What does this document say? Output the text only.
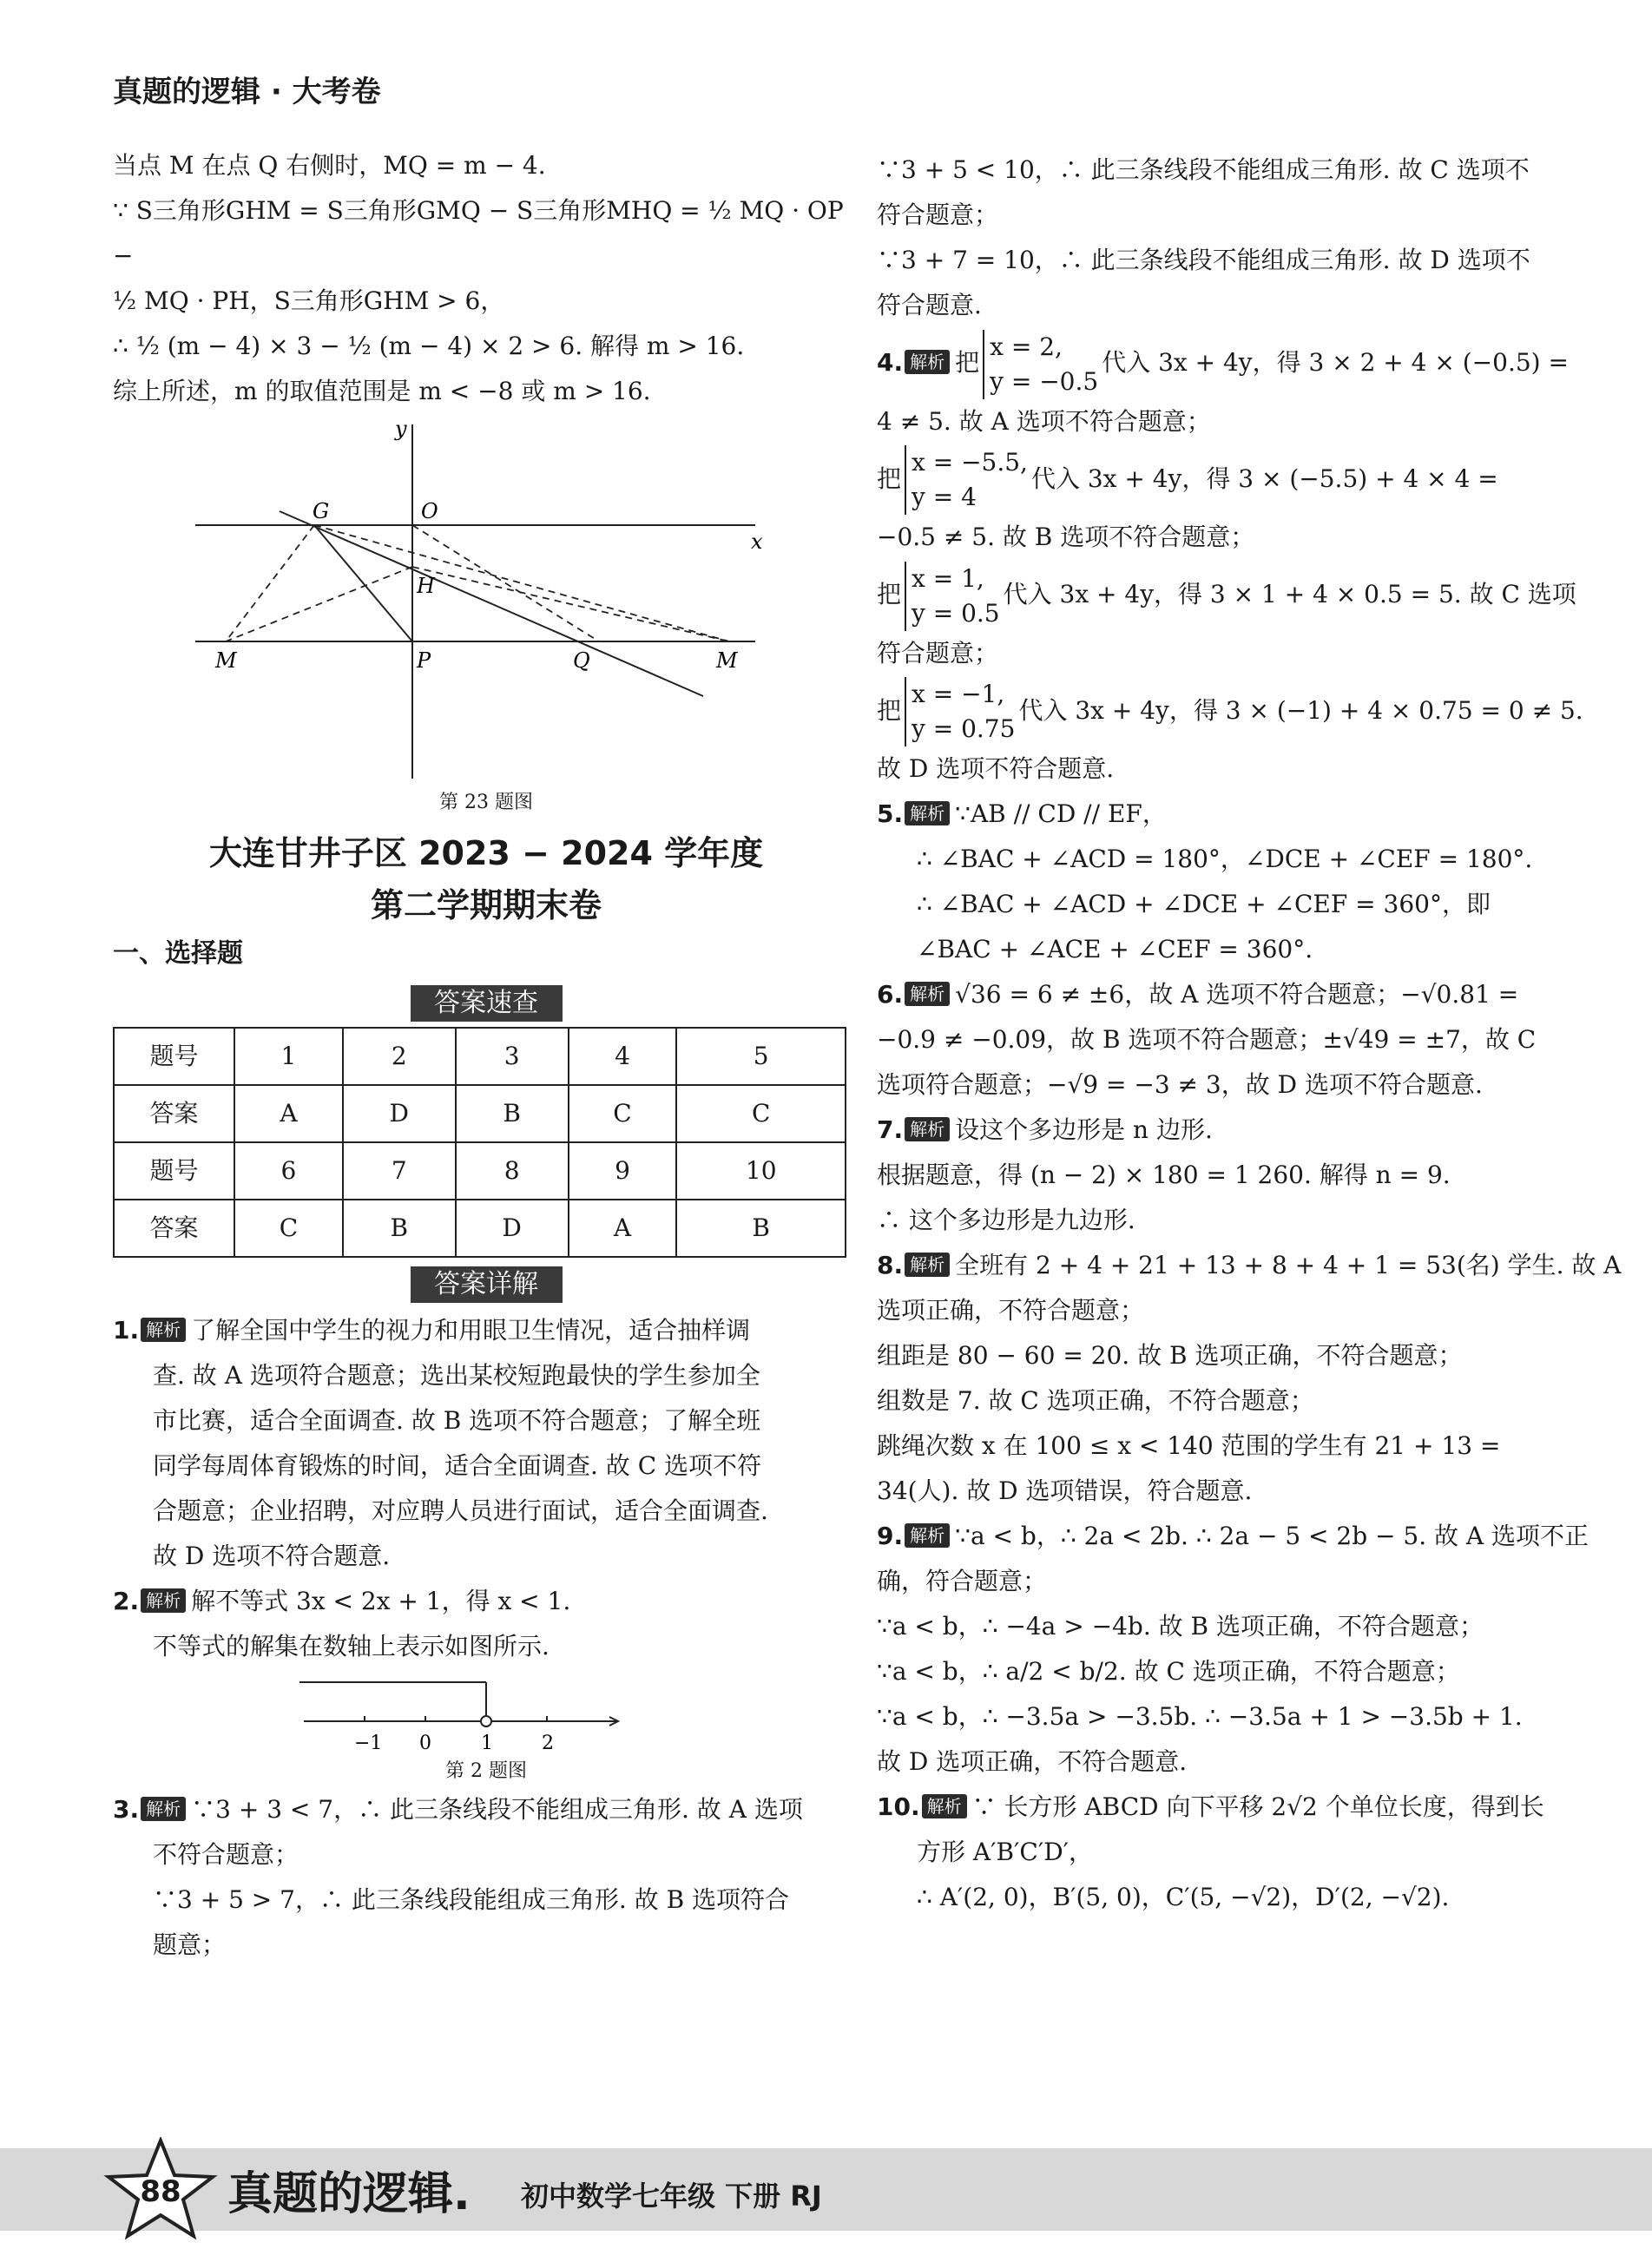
真题的逻辑 · 大考卷

当点 M 在点 Q 右侧时，MQ = m − 4.

∵ S三角形GHM = S三角形GMQ − S三角形MHQ = ½ MQ · OP −

½ MQ · PH，S三角形GHM > 6，

∴ ½ (m − 4) × 3 − ½ (m − 4) × 2 > 6. 解得 m > 16.

综上所述，m 的取值范围是 m < −8 或 m > 16.

y
x
O
G
H
M	P	Q	M

第 23 题图

大连甘井子区 2023 − 2024 学年度

第二学期期末卷

一、选择题

答案速查
题号	1	2	3	4	5
答案	A	D	B	C	C
题号	6	7	8	9	10
答案	C	B	D	A	B
答案详解

1. 解析 了解全国中学生的视力和用眼卫生情况，适合抽样调

查. 故 A 选项符合题意；选出某校短跑最快的学生参加全

市比赛，适合全面调查. 故 B 选项不符合题意；了解全班

同学每周体育锻炼的时间，适合全面调查. 故 C 选项不符

合题意；企业招聘，对应聘人员进行面试，适合全面调查.

故 D 选项不符合题意.

2. 解析 解不等式 3x < 2x + 1，得 x < 1.

不等式的解集在数轴上表示如图所示.

−1 0	1	2

第 2 题图

3. 解析 ∵3 + 3 < 7，∴ 此三条线段不能组成三角形. 故 A 选项

不符合题意；

∵3 + 5 > 7，∴ 此三条线段能组成三角形. 故 B 选项符合

题意；

∵3 + 5 < 10，∴ 此三条线段不能组成三角形. 故 C 选项不

符合题意；

∵3 + 7 = 10，∴ 此三条线段不能组成三角形. 故 D 选项不

符合题意.

4. 解析 把x = 2,
y = −0.5代入 3x + 4y，得 3 × 2 + 4 × (−0.5) =

4 ≠ 5. 故 A 选项不符合题意；

把x = −5.5,
y = 4代入 3x + 4y，得 3 × (−5.5) + 4 × 4 =

−0.5 ≠ 5. 故 B 选项不符合题意；

把x = 1,
y = 0.5代入 3x + 4y，得 3 × 1 + 4 × 0.5 = 5. 故 C 选项

符合题意；

把x = −1,
y = 0.75代入 3x + 4y，得 3 × (−1) + 4 × 0.75 = 0 ≠ 5.

故 D 选项不符合题意.

5. 解析 ∵AB // CD // EF，

∴ ∠BAC + ∠ACD = 180°，∠DCE + ∠CEF = 180°.

∴ ∠BAC + ∠ACD + ∠DCE + ∠CEF = 360°，即

∠BAC + ∠ACE + ∠CEF = 360°.

6. 解析 √36 = 6 ≠ ±6，故 A 选项不符合题意；−√0.81 =

−0.9 ≠ −0.09，故 B 选项不符合题意；±√49 = ±7，故 C

选项符合题意；−√9 = −3 ≠ 3，故 D 选项不符合题意.

7. 解析 设这个多边形是 n 边形.

根据题意，得 (n − 2) × 180 = 1 260. 解得 n = 9.

∴ 这个多边形是九边形.

8. 解析 全班有 2 + 4 + 21 + 13 + 8 + 4 + 1 = 53(名) 学生. 故 A

选项正确，不符合题意；

组距是 80 − 60 = 20. 故 B 选项正确，不符合题意；

组数是 7. 故 C 选项正确，不符合题意；

跳绳次数 x 在 100 ≤ x < 140 范围的学生有 21 + 13 =

34(人). 故 D 选项错误，符合题意.

9. 解析 ∵a < b，∴ 2a < 2b. ∴ 2a − 5 < 2b − 5. 故 A 选项不正

确，符合题意；

∵a < b，∴ −4a > −4b. 故 B 选项正确，不符合题意；

∵a < b，∴ a/2 < b/2. 故 C 选项正确，不符合题意；

∵a < b，∴ −3.5a > −3.5b. ∴ −3.5a + 1 > −3.5b + 1.

故 D 选项正确，不符合题意.

10. 解析 ∵ 长方形 ABCD 向下平移 2√2 个单位长度，得到长

方形 A′B′C′D′，

∴ A′(2, 0)，B′(5, 0)，C′(5, −√2)，D′(2, −√2).

88	真题的逻辑. 初中数学七年级 下册 RJ
